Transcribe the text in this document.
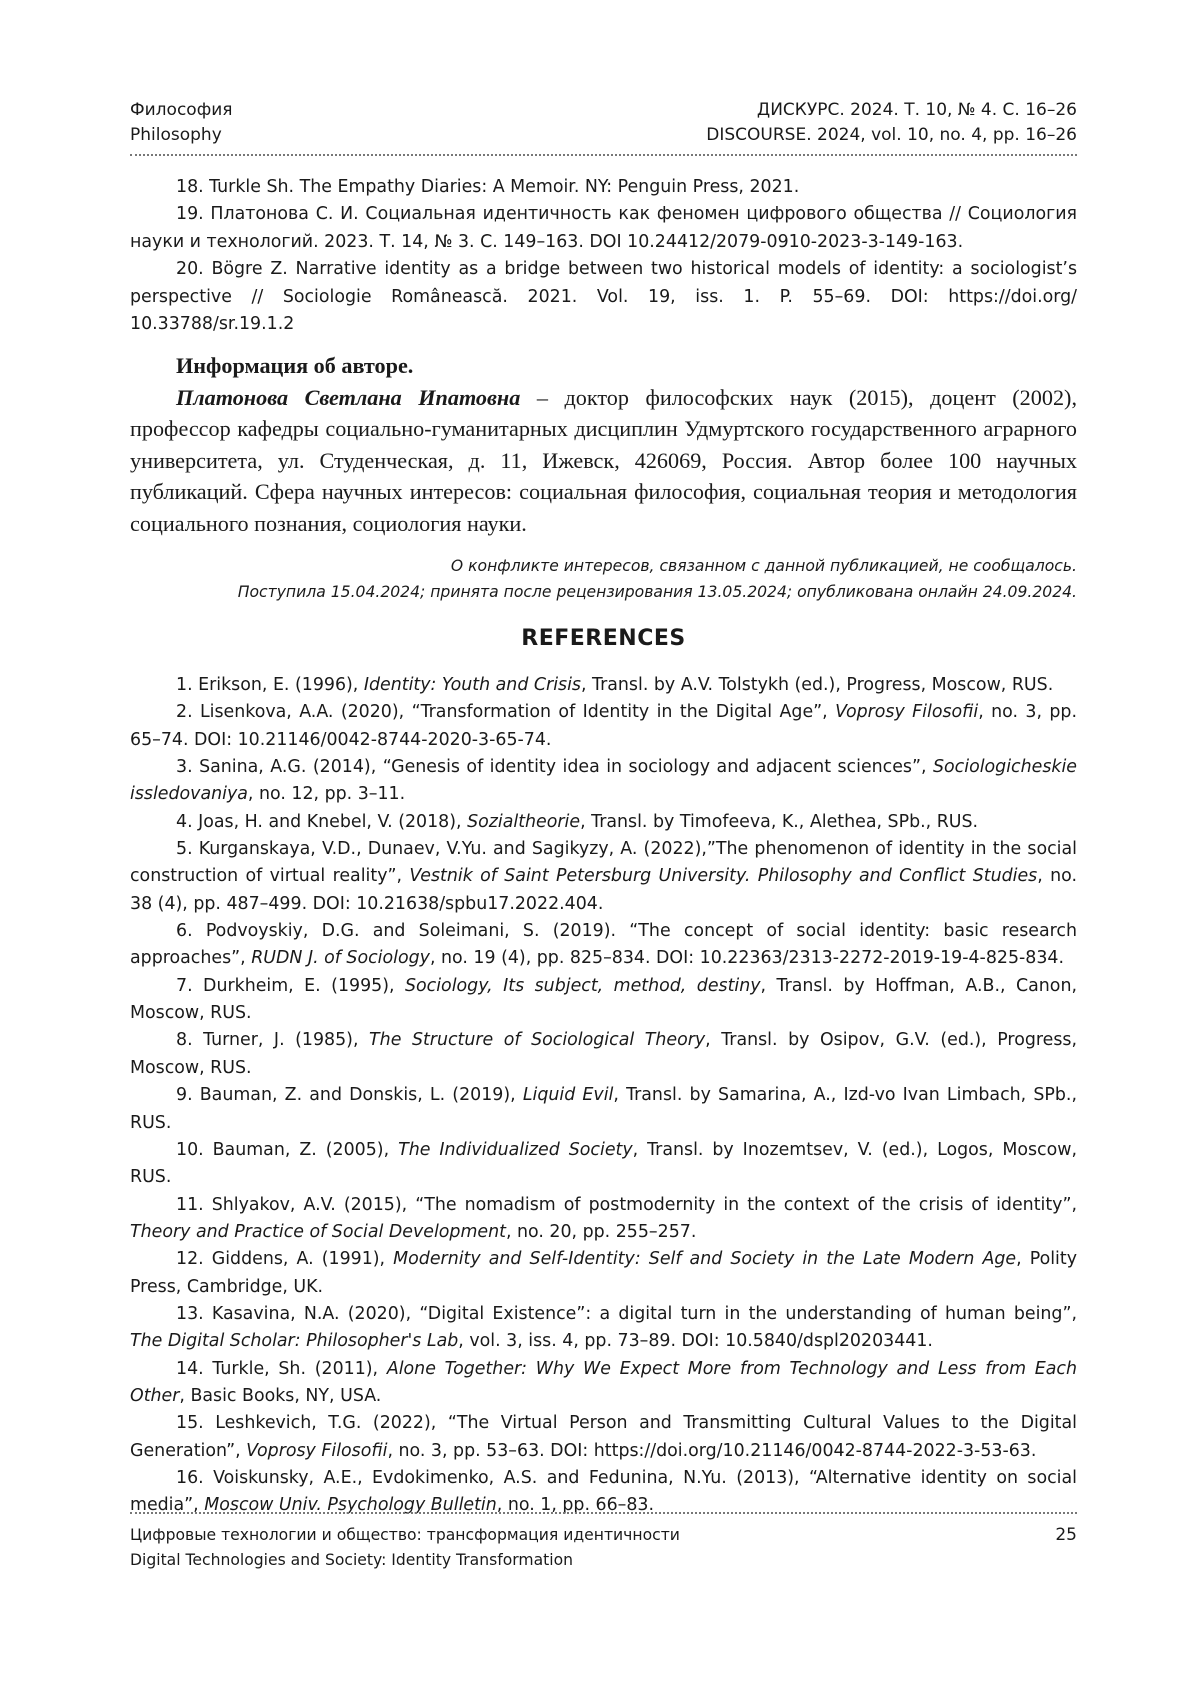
Философия
Philosophy
ДИСКУРС. 2024. Т. 10, № 4. С. 16–26
DISCOURSE. 2024, vol. 10, no. 4, pp. 16–26

18. Turkle Sh. The Empathy Diaries: A Memoir. NY: Penguin Press, 2021.

19. Платонова С. И. Социальная идентичность как феномен цифрового общества // Социология науки и технологий. 2023. Т. 14, № 3. С. 149–163. DOI 10.24412/2079-0910-2023-3-149-163.

20. Bögre Z. Narrative identity as a bridge between two historical models of identity: a sociologist’s perspective // Sociologie Românească. 2021. Vol. 19, iss. 1. P. 55–69. DOI: https://doi.org/ 10.33788/sr.19.1.2

Информация об авторе.

Платонова Светлана Ипатовна – доктор философских наук (2015), доцент (2002), профессор кафедры социально-гуманитарных дисциплин Удмуртского государственного аграрного университета, ул. Студенческая, д. 11, Ижевск, 426069, Россия. Автор более 100 научных публикаций. Сфера научных интересов: социальная философия, социальная теория и методология социального познания, социология науки.

О конфликте интересов, связанном с данной публикацией, не сообщалось.
Поступила 15.04.2024; принята после рецензирования 13.05.2024; опубликована онлайн 24.09.2024.
REFERENCES

1. Erikson, E. (1996), Identity: Youth and Crisis, Transl. by A.V. Tolstykh (ed.), Progress, Moscow, RUS.

2. Lisenkova, A.A. (2020), “Transformation of Identity in the Digital Age”, Voprosy Filosofii, no. 3, pp. 65–74. DOI: 10.21146/0042-8744-2020-3-65-74.

3. Sanina, A.G. (2014), “Genesis of identity idea in sociology and adjacent sciences”, Sociologicheskie issledovaniya, no. 12, pp. 3–11.

4. Joas, H. and Knebel, V. (2018), Sozialtheorie, Transl. by Timofeeva, K., Alethea, SPb., RUS.

5. Kurganskaya, V.D., Dunaev, V.Yu. and Sagikyzy, A. (2022),”The phenomenon of identity in the social construction of virtual reality”, Vestnik of Saint Petersburg University. Philosophy and Conflict Studies, no. 38 (4), pp. 487–499. DOI: 10.21638/spbu17.2022.404.

6. Podvoyskiy, D.G. and Soleimani, S. (2019). “The concept of social identity: basic research approaches”, RUDN J. of Sociology, no. 19 (4), pp. 825–834. DOI: 10.22363/2313-2272-2019-19-4-825-834.

7. Durkheim, E. (1995), Sociology, Its subject, method, destiny, Transl. by Hoffman, A.B., Canon, Moscow, RUS.

8. Turner, J. (1985), The Structure of Sociological Theory, Transl. by Osipov, G.V. (ed.), Progress, Moscow, RUS.

9. Bauman, Z. and Donskis, L. (2019), Liquid Evil, Transl. by Samarina, A., Izd-vo Ivan Limbach, SPb., RUS.

10. Bauman, Z. (2005), The Individualized Society, Transl. by Inozemtsev, V. (ed.), Logos, Moscow, RUS.

11. Shlyakov, A.V. (2015), “The nomadism of postmodernity in the context of the crisis of identity”, Theory and Practice of Social Development, no. 20, pp. 255–257.

12. Giddens, A. (1991), Modernity and Self-Identity: Self and Society in the Late Modern Age, Polity Press, Cambridge, UK.

13. Kasavina, N.A. (2020), “Digital Existence”: a digital turn in the understanding of human being”, The Digital Scholar: Philosopher's Lab, vol. 3, iss. 4, pp. 73–89. DOI: 10.5840/dspl20203441.

14. Turkle, Sh. (2011), Alone Together: Why We Expect More from Technology and Less from Each Other, Basic Books, NY, USA.

15. Leshkevich, T.G. (2022), “The Virtual Person and Transmitting Cultural Values to the Digital Generation”, Voprosy Filosofii, no. 3, pp. 53–63. DOI: https://doi.org/10.21146/0042-8744-2022-3-53-63.

16. Voiskunsky, A.E., Evdokimenko, A.S. and Fedunina, N.Yu. (2013), “Alternative identity on social media”, Moscow Univ. Psychology Bulletin, no. 1, pp. 66–83.

Цифровые технологии и общество: трансформация идентичности
Digital Technologies and Society: Identity Transformation
25
